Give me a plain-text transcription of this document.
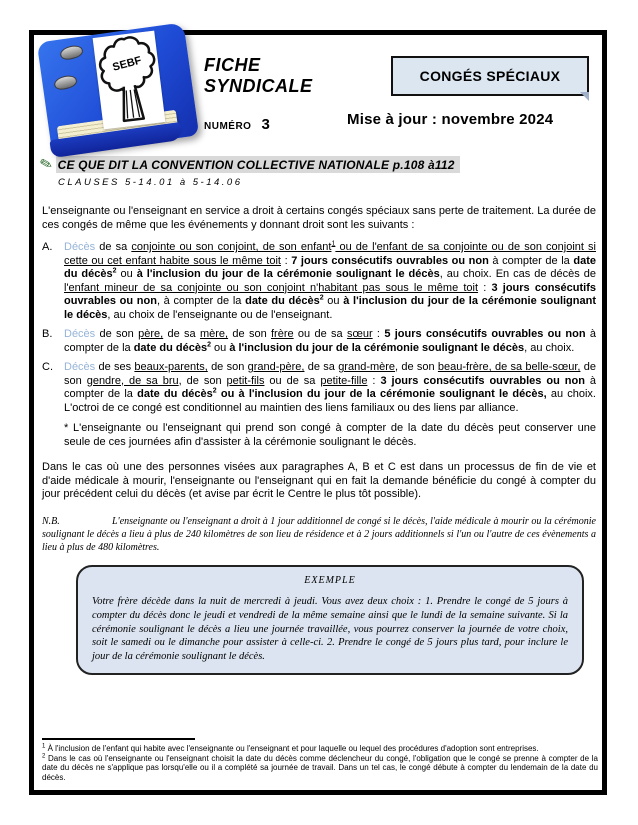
FICHE
SYNDICALE
NUMÉRO 3
CONGÉS SPÉCIAUX
Mise à jour : novembre 2024
✎ CE QUE DIT LA CONVENTION COLLECTIVE NATIONALE p.108 à112
CLAUSES 5-14.01 à 5-14.06

L'enseignante ou l'enseignant en service a droit à certains congés spéciaux sans perte de traitement. La durée de ces congés de même que les événements y donnant droit sont les suivants :

A.	Décès de sa conjointe ou son conjoint, de son enfant$^1$ ou de l'enfant de sa conjointe ou de son conjoint si cette ou cet enfant habite sous le même toit : 7 jours consécutifs ouvrables ou non à compter de la date du décès$^2$ ou à l'inclusion du jour de la cérémonie soulignant le décès, au choix. En cas de décès de l'enfant mineur de sa conjointe ou son conjoint n'habitant pas sous le même toit : 3 jours consécutifs ouvrables ou non, à compter de la date du décès$^2$ ou à l'inclusion du jour de la cérémonie soulignant le décès, au choix de l'enseignante ou de l'enseignant.
B.	Décès de son père, de sa mère, de son frère ou de sa sœur : 5 jours consécutifs ouvrables ou non à compter de la date du décès$^2$ ou à l'inclusion du jour de la cérémonie soulignant le décès, au choix.
C.	Décès de ses beaux-parents, de son grand-père, de sa grand-mère, de son beau-frère, de sa belle-sœur, de son gendre, de sa bru, de son petit-fils ou de sa petite-fille : 3 jours consécutifs ouvrables ou non à compter de la date du décès$^2$ ou à l'inclusion du jour de la cérémonie soulignant le décès, au choix. L'octroi de ce congé est conditionnel au maintien des liens familiaux ou des liens par alliance.

* L'enseignante ou l'enseignant qui prend son congé à compter de la date du décès peut conserver une seule de ces journées afin d'assister à la cérémonie soulignant le décès.

Dans le cas où une des personnes visées aux paragraphes A, B et C est dans un processus de fin de vie et d'aide médicale à mourir, l'enseignante ou l'enseignant qui en fait la demande bénéficie du congé à compter du jour précédent celui du décès (et avise par écrit le Centre le plus tôt possible).

N.B.	L'enseignante ou l'enseignant a droit à 1 jour additionnel de congé si le décès, l'aide médicale à mourir ou la cérémonie soulignant le décès a lieu à plus de 240 kilomètres de son lieu de résidence et à 2 jours additionnels si l'un ou l'autre de ces évènements a lieu à plus de 480 kilomètres.

EXEMPLE
Votre frère décède dans la nuit de mercredi à jeudi. Vous avez deux choix : 1. Prendre le congé de 5 jours à compter du décès donc le jeudi et vendredi de la même semaine ainsi que le lundi de la semaine suivante. Si la cérémonie soulignant le décès a lieu une journée travaillée, vous pourrez conserver la journée de votre choix, soit le samedi ou le dimanche pour assister à celle-ci. 2. Prendre le congé de 5 jours plus tard, pour inclure le jour de la cérémonie soulignant le décès.

$^1$ À l'inclusion de l'enfant qui habite avec l'enseignante ou l'enseignant et pour laquelle ou lequel des procédures d'adoption sont entreprises.

$^2$ Dans le cas où l'enseignante ou l'enseignant choisit la date du décès comme déclencheur du congé, l'obligation que le congé se prenne à compter de la date du décès ne s'applique pas lorsqu'elle ou il a complété sa journée de travail. Dans un tel cas, le congé débute à compter du lendemain de la date du décès.

SEBF
